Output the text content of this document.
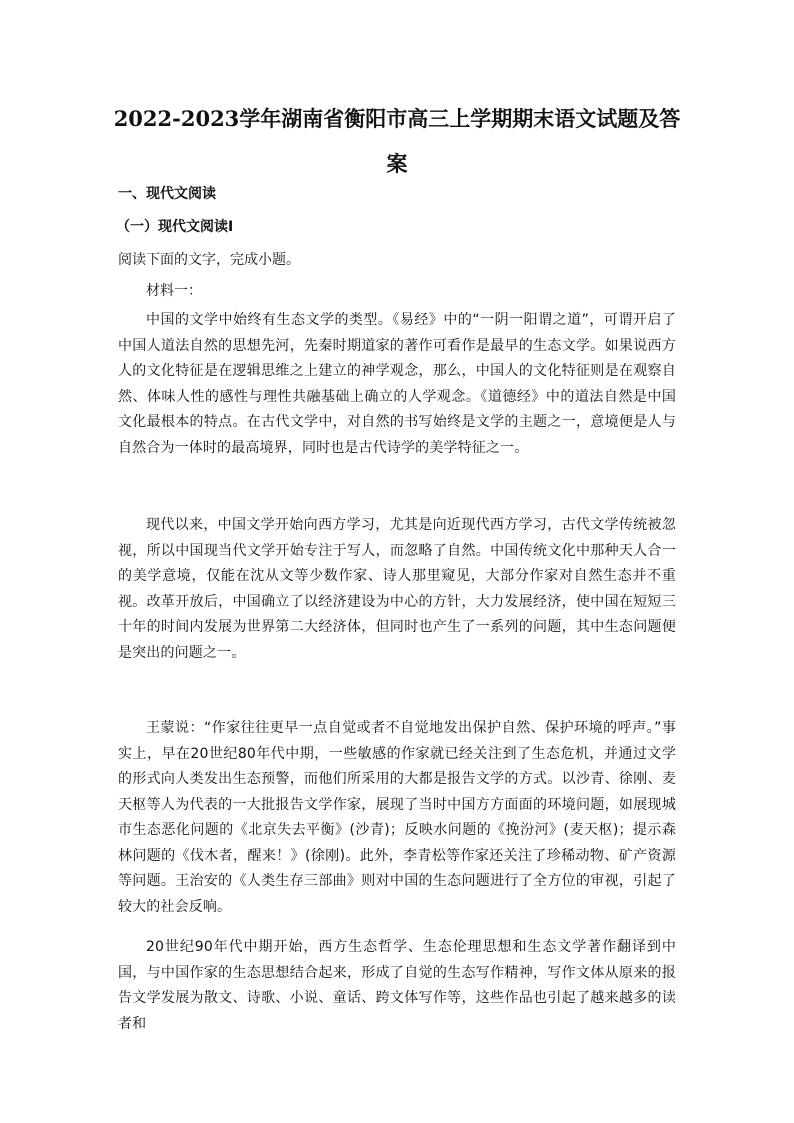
2022-2023学年湖南省衡阳市高三上学期期末语文试题及答案
一、现代文阅读
（一）现代文阅读Ⅰ
阅读下面的文字，完成小题。
材料一：
中国的文学中始终有生态文学的类型。《易经》中的“一阴一阳谓之道”，可谓开启了中国人道法自然的思想先河，先秦时期道家的著作可看作是最早的生态文学。如果说西方人的文化特征是在逻辑思维之上建立的神学观念，那么，中国人的文化特征则是在观察自然、体味人性的感性与理性共融基础上确立的人学观念。《道德经》中的道法自然是中国文化最根本的特点。在古代文学中，对自然的书写始终是文学的主题之一，意境便是人与自然合为一体时的最高境界，同时也是古代诗学的美学特征之一。
现代以来，中国文学开始向西方学习，尤其是向近现代西方学习，古代文学传统被忽视，所以中国现当代文学开始专注于写人，而忽略了自然。中国传统文化中那种天人合一的美学意境，仅能在沈从文等少数作家、诗人那里窥见，大部分作家对自然生态并不重视。改革开放后，中国确立了以经济建设为中心的方针，大力发展经济，使中国在短短三十年的时间内发展为世界第二大经济体，但同时也产生了一系列的问题，其中生态问题便是突出的问题之一。
王蒙说：“作家往往更早一点自觉或者不自觉地发出保护自然、保护环境的呼声。”事实上，早在20世纪80年代中期，一些敏感的作家就已经关注到了生态危机，并通过文学的形式向人类发出生态预警，而他们所采用的大都是报告文学的方式。以沙青、徐刚、麦天枢等人为代表的一大批报告文学作家，展现了当时中国方方面面的环境问题，如展现城市生态恶化问题的《北京失去平衡》(沙青)；反映水问题的《挽汾河》(麦天枢)；提示森林问题的《伐木者，醒来！》(徐刚)。此外，李青松等作家还关注了珍稀动物、矿产资源等问题。王治安的《人类生存三部曲》则对中国的生态问题进行了全方位的审视，引起了较大的社会反响。
20世纪90年代中期开始，西方生态哲学、生态伦理思想和生态文学著作翻译到中国，与中国作家的生态思想结合起来，形成了自觉的生态写作精神，写作文体从原来的报告文学发展为散文、诗歌、小说、童话、跨文体写作等，这些作品也引起了越来越多的读者和
